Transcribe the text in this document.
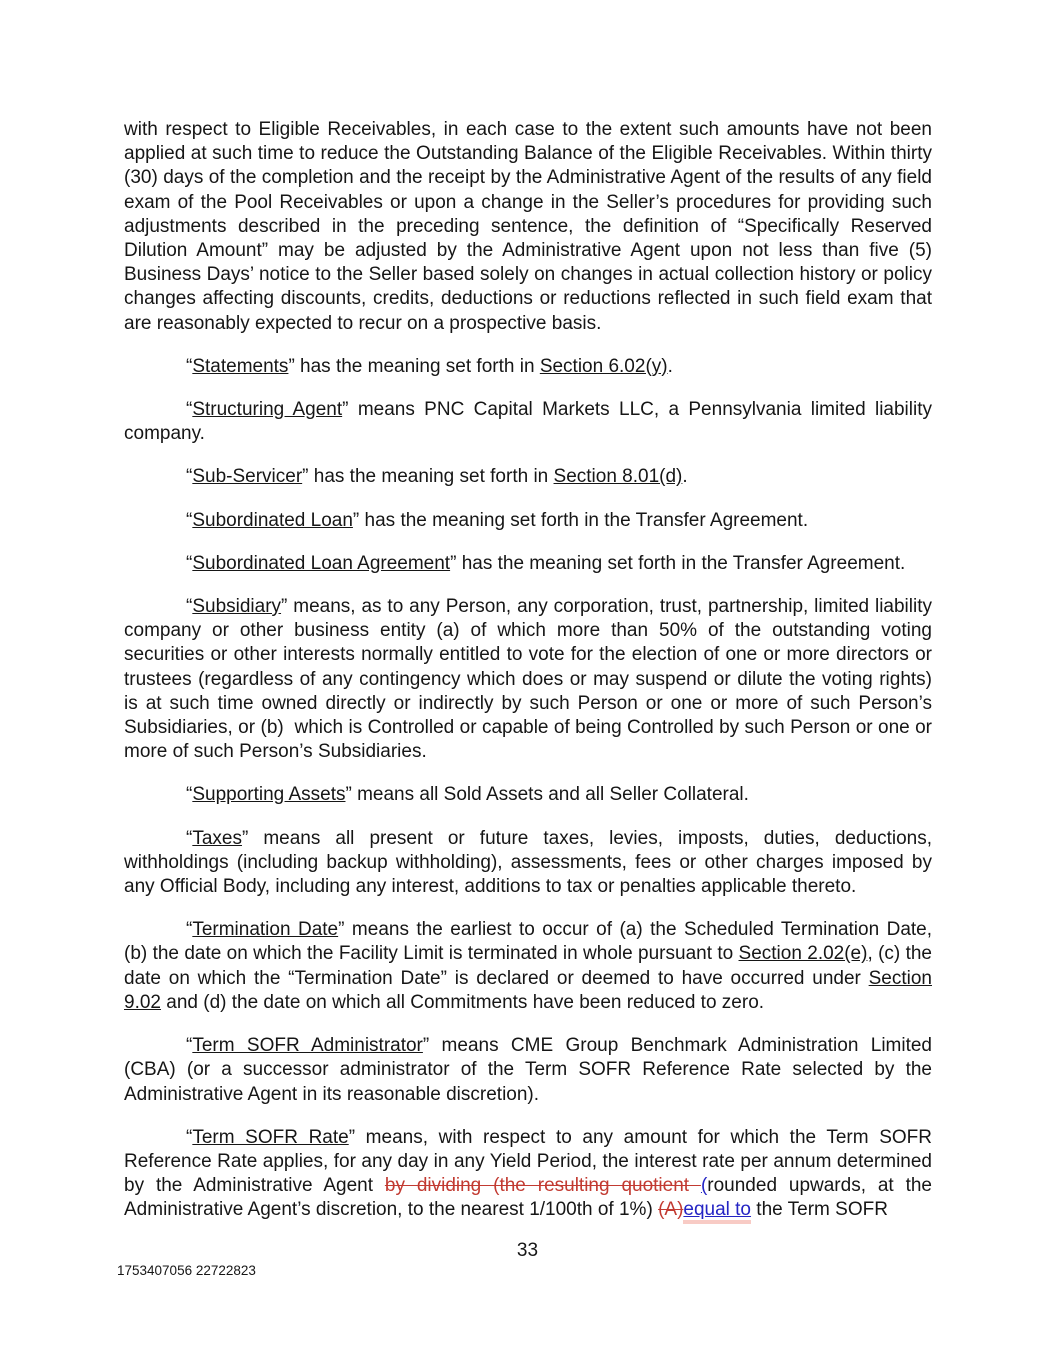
with respect to Eligible Receivables, in each case to the extent such amounts have not been applied at such time to reduce the Outstanding Balance of the Eligible Receivables. Within thirty (30) days of the completion and the receipt by the Administrative Agent of the results of any field exam of the Pool Receivables or upon a change in the Seller’s procedures for providing such adjustments described in the preceding sentence, the definition of “Specifically Reserved Dilution Amount” may be adjusted by the Administrative Agent upon not less than five (5) Business Days’ notice to the Seller based solely on changes in actual collection history or policy changes affecting discounts, credits, deductions or reductions reflected in such field exam that are reasonably expected to recur on a prospective basis.

“Statements” has the meaning set forth in Section 6.02(y).

“Structuring Agent” means PNC Capital Markets LLC, a Pennsylvania limited liability company.

“Sub-Servicer” has the meaning set forth in Section 8.01(d).

“Subordinated Loan” has the meaning set forth in the Transfer Agreement.

“Subordinated Loan Agreement” has the meaning set forth in the Transfer Agreement.

“Subsidiary” means, as to any Person, any corporation, trust, partnership, limited liability company or other business entity (a) of which more than 50% of the outstanding voting securities or other interests normally entitled to vote for the election of one or more directors or trustees (regardless of any contingency which does or may suspend or dilute the voting rights) is at such time owned directly or indirectly by such Person or one or more of such Person’s Subsidiaries, or (b)  which is Controlled or capable of being Controlled by such Person or one or more of such Person’s Subsidiaries.

“Supporting Assets” means all Sold Assets and all Seller Collateral.

“Taxes” means all present or future taxes, levies, imposts, duties, deductions, withholdings (including backup withholding), assessments, fees or other charges imposed by any Official Body, including any interest, additions to tax or penalties applicable thereto.

“Termination Date” means the earliest to occur of (a) the Scheduled Termination Date, (b) the date on which the Facility Limit is terminated in whole pursuant to Section 2.02(e), (c) the date on which the “Termination Date” is declared or deemed to have occurred under Section 9.02 and (d) the date on which all Commitments have been reduced to zero.

“Term SOFR Administrator” means CME Group Benchmark Administration Limited (CBA) (or a successor administrator of the Term SOFR Reference Rate selected by the Administrative Agent in its reasonable discretion).

“Term SOFR Rate” means, with respect to any amount for which the Term SOFR Reference Rate applies, for any day in any Yield Period, the interest rate per annum determined by the Administrative Agent by dividing (the resulting quotient (rounded upwards, at the Administrative Agent’s discretion, to the nearest 1/100th of 1%) (A)equal to the Term SOFR

33
1753407056 22722823
